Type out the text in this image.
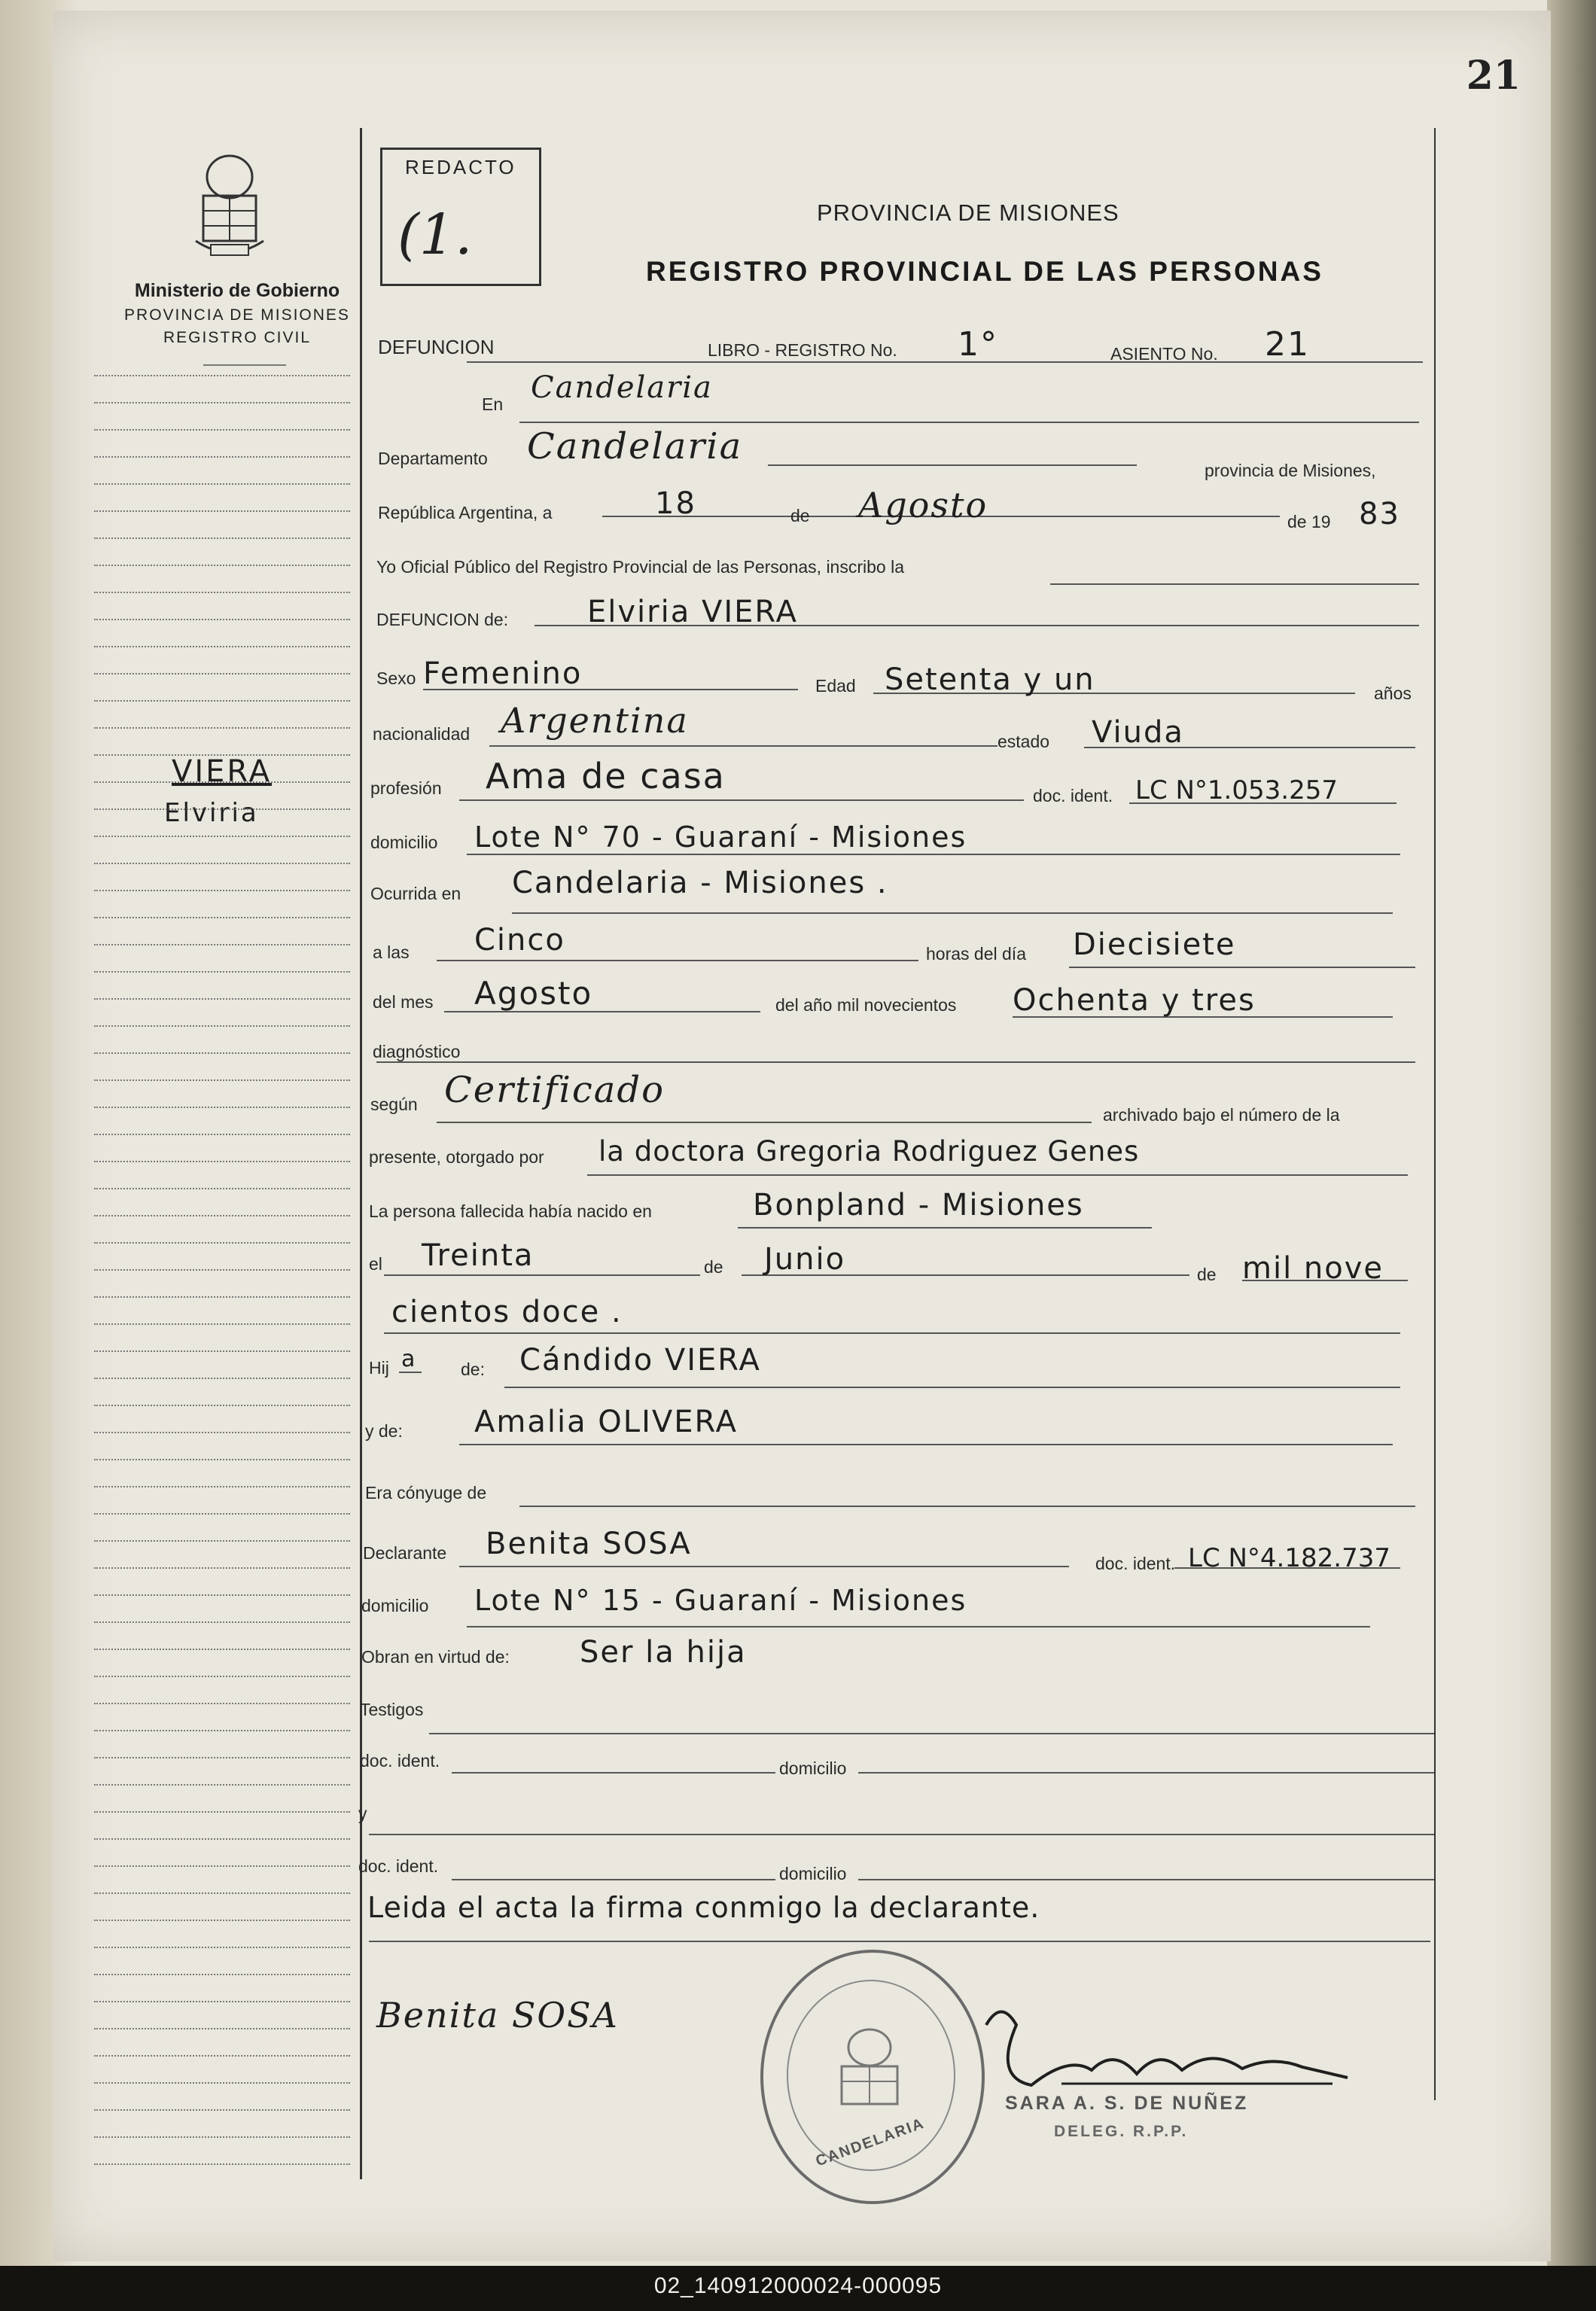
21
Ministerio de Gobierno
PROVINCIA DE MISIONES
REGISTRO CIVIL
REDACTO
(1.	PROVINCIA DE MISIONES
REGISTRO PROVINCIAL DE LAS PERSONAS
VIERA
Elviria
DEFUNCION	LIBRO - REGISTRO No. 1°	ASIENTO No. 21
En Candelaria
Departamento Candelaria
provincia de Misiones,
República Argentina, a	18	de Agosto	de 19 83
Yo Oficial Público del Registro Provincial de las Personas, inscribo la
DEFUNCION de:	Elviria VIERA
Sexo Femenino	Edad Setenta y un	años
nacionalidad Argentina
estado Viuda
profesión Ama de casa	doc. ident. LC N°1.053.257
domicilio Lote N° 70 - Guaraní - Misiones
Ocurrida en Candelaria - Misiones .
a las Cinco	horas del día Diecisiete
del mes Agosto	del año mil novecientos Ochenta y tres
diagnóstico
según Certificado
archivado bajo el número de la
presente, otorgado por la doctora Gregoria Rodriguez Genes
La persona fallecida había nacido en	Bonpland - Misiones
el Treinta	de Junio	de mil nove
cientos doce .
Hij a	de: Cándido VIERA
y de: Amalia OLIVERA
Era cónyuge de
Declarante Benita SOSA
doc. ident. LC N°4.182.737
domicilio Lote N° 15 - Guaraní - Misiones
Obran en virtud de: Ser la hija
Testigos
doc. ident.	domicilio
y
doc. ident.	domicilio
Leida el acta la firma conmigo la declarante.
Benita SOSA
CANDELARIA
SARA A. S. DE NUÑEZ
DELEG. R.P.P.
02_140912000024-000095
